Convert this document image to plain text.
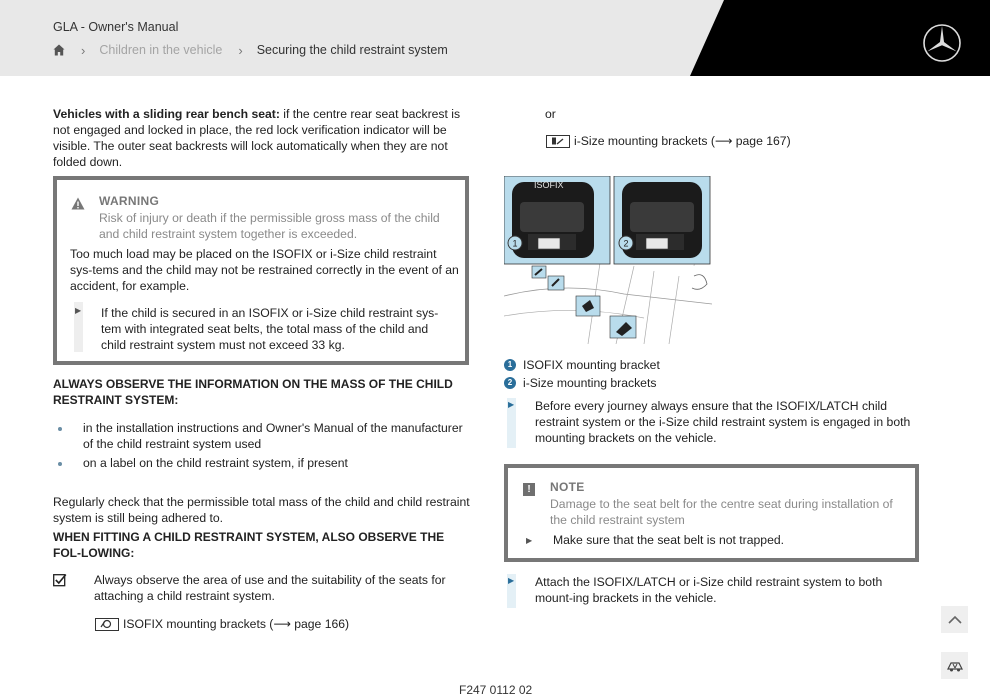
GLA - Owner's Manual
› Children in the vehicle › Securing the child restraint system
Vehicles with a sliding rear bench seat: if the centre rear seat backrest is not engaged and locked in place, the red lock verification indicator will be visible. The outer seat backrests will lock automatically when they are not folded down.
WARNING
Risk of injury or death if the permissible gross mass of the child and child restraint system together is exceeded.
Too much load may be placed on the ISOFIX or i-Size child restraint sys-tems and the child may not be restrained correctly in the event of an accident, for example.
▶ If the child is secured in an ISOFIX or i-Size child restraint sys-tem with integrated seat belts, the total mass of the child and child restraint system must not exceed 33 kg.
ALWAYS OBSERVE THE INFORMATION ON THE MASS OF THE CHILD RESTRAINT SYSTEM:
in the installation instructions and Owner's Manual of the manufacturer of the child restraint system used
on a label on the child restraint system, if present
Regularly check that the permissible total mass of the child and child restraint system is still being adhered to.
WHEN FITTING A CHILD RESTRAINT SYSTEM, ALSO OBSERVE THE FOL-LOWING:
Always observe the area of use and the suitability of the seats for attaching a child restraint system.
ISOFIX mounting brackets (⟶ page 166)
or
i-Size mounting brackets (⟶ page 167)
ISOFIX
1	2
1 ISOFIX mounting bracket
2 i-Size mounting brackets
▶ Before every journey always ensure that the ISOFIX/LATCH child restraint system or the i-Size child restraint system is engaged in both mounting brackets on the vehicle.
!	NOTE
Damage to the seat belt for the centre seat during installation of the child restraint system
▶ Make sure that the seat belt is not trapped.
▶ Attach the ISOFIX/LATCH or i-Size child restraint system to both mount-ing brackets in the vehicle.
F247 0112 02
